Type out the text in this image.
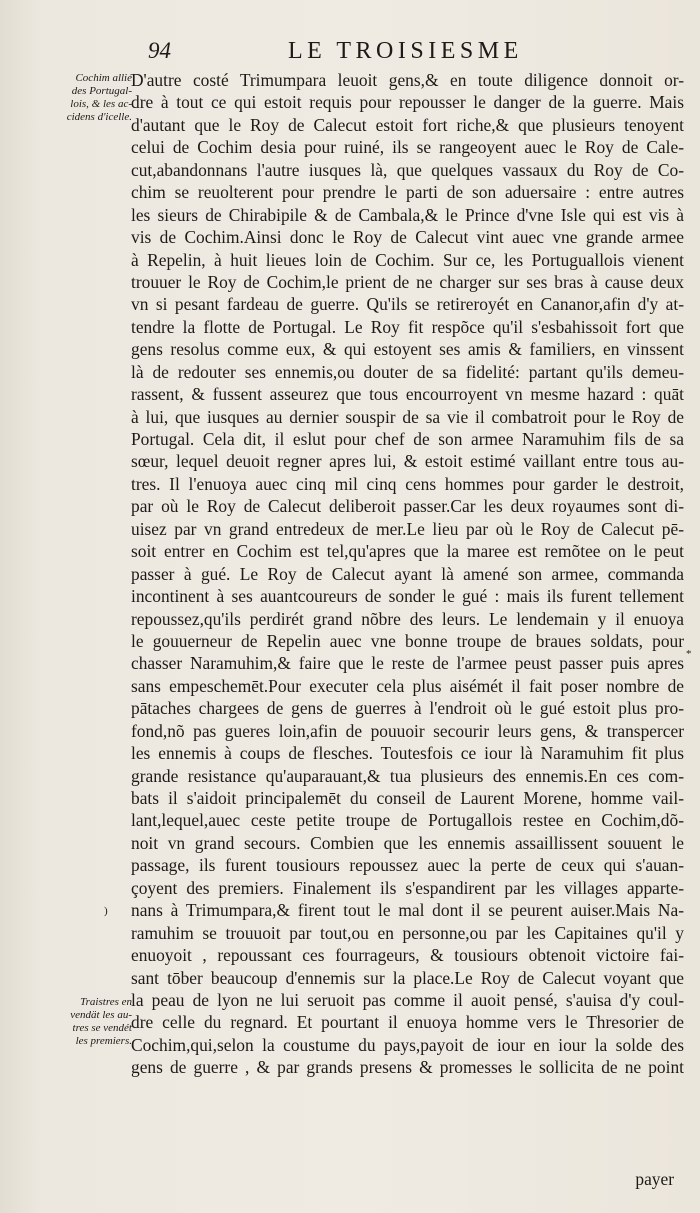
94	LE TROISIESME
Cochim allié
des Portugal-
lois, & les ac-
cidens d'icelle.
Traistres en
vendät les au-
tres se vendét
les premiers.
D'autre costé Trimumpara leuoit gens,& en toute diligence donnoit or-
dre à tout ce qui estoit requis pour repousser le danger de la guerre. Mais
d'autant que le Roy de Calecut estoit fort riche,& que plusieurs tenoyent
celui de Cochim desia pour ruiné, ils se rangeoyent auec le Roy de Cale-
cut,abandonnans l'autre iusques là, que quelques vassaux du Roy de Co-
chim se reuolterent pour prendre le parti de son aduersaire : entre autres
les sieurs de Chirabipile & de Cambala,& le Prince d'vne Isle qui est vis à
vis de Cochim.Ainsi donc le Roy de Calecut vint auec vne grande armee
à Repelin, à huit lieues loin de Cochim. Sur ce, les Portuguallois vienent
trouuer le Roy de Cochim,le prient de ne charger sur ses bras à cause deux
vn si pesant fardeau de guerre. Qu'ils se retireroyét en Cananor,afin d'y at-
tendre la flotte de Portugal. Le Roy fit respõce qu'il s'esbahissoit fort que
gens resolus comme eux, & qui estoyent ses amis & familiers, en vinssent
là de redouter ses ennemis,ou douter de sa fidelité: partant qu'ils demeu-
rassent, & fussent asseurez que tous encourroyent vn mesme hazard : quāt
à lui, que iusques au dernier souspir de sa vie il combatroit pour le Roy de
Portugal. Cela dit, il eslut pour chef de son armee Naramuhim fils de sa
sœur, lequel deuoit regner apres lui, & estoit estimé vaillant entre tous au-
tres. Il l'enuoya auec cinq mil cinq cens hommes pour garder le destroit,
par où le Roy de Calecut deliberoit passer.Car les deux royaumes sont di-
uisez par vn grand entredeux de mer.Le lieu par où le Roy de Calecut pē-
soit entrer en Cochim est tel,qu'apres que la maree est remõtee on le peut
passer à gué. Le Roy de Calecut ayant là amené son armee, commanda
incontinent à ses auantcoureurs de sonder le gué : mais ils furent tellement
repoussez,qu'ils perdirét grand nõbre des leurs. Le lendemain y il enuoya
le gouuerneur de Repelin auec vne bonne troupe de braues soldats, pour
chasser Naramuhim,& faire que le reste de l'armee peust passer puis apres
sans empeschemēt.Pour executer cela plus aisémét il fait poser nombre de
pātaches chargees de gens de guerres à l'endroit où le gué estoit plus pro-
fond,nõ pas gueres loin,afin de pouuoir secourir leurs gens, & transpercer
les ennemis à coups de flesches. Toutesfois ce iour là Naramuhim fit plus
grande resistance qu'auparauant,& tua plusieurs des ennemis.En ces com-
bats il s'aidoit principalemēt du conseil de Laurent Morene, homme vail-
lant,lequel,auec ceste petite troupe de Portugallois restee en Cochim,dõ-
noit vn grand secours. Combien que les ennemis assaillissent souuent le
passage, ils furent tousiours repoussez auec la perte de ceux qui s'auan-
çoyent des premiers. Finalement ils s'espandirent par les villages apparte-
nans à Trimumpara,& firent tout le mal dont il se peurent auiser.Mais Na-
ramuhim se trouuoit par tout,ou en personne,ou par les Capitaines qu'il y
enuoyoit , repoussant ces fourrageurs, & tousiours obtenoit victoire fai-
sant tōber beaucoup d'ennemis sur la place.Le Roy de Calecut voyant que
la peau de lyon ne lui seruoit pas comme il auoit pensé, s'auisa d'y coul-
dre celle du regnard. Et pourtant il enuoya homme vers le Thresorier de
Cochim,qui,selon la coustume du pays,payoit de iour en iour la solde des
gens de guerre , & par grands presens & promesses le sollicita de ne point
*
)
payer
